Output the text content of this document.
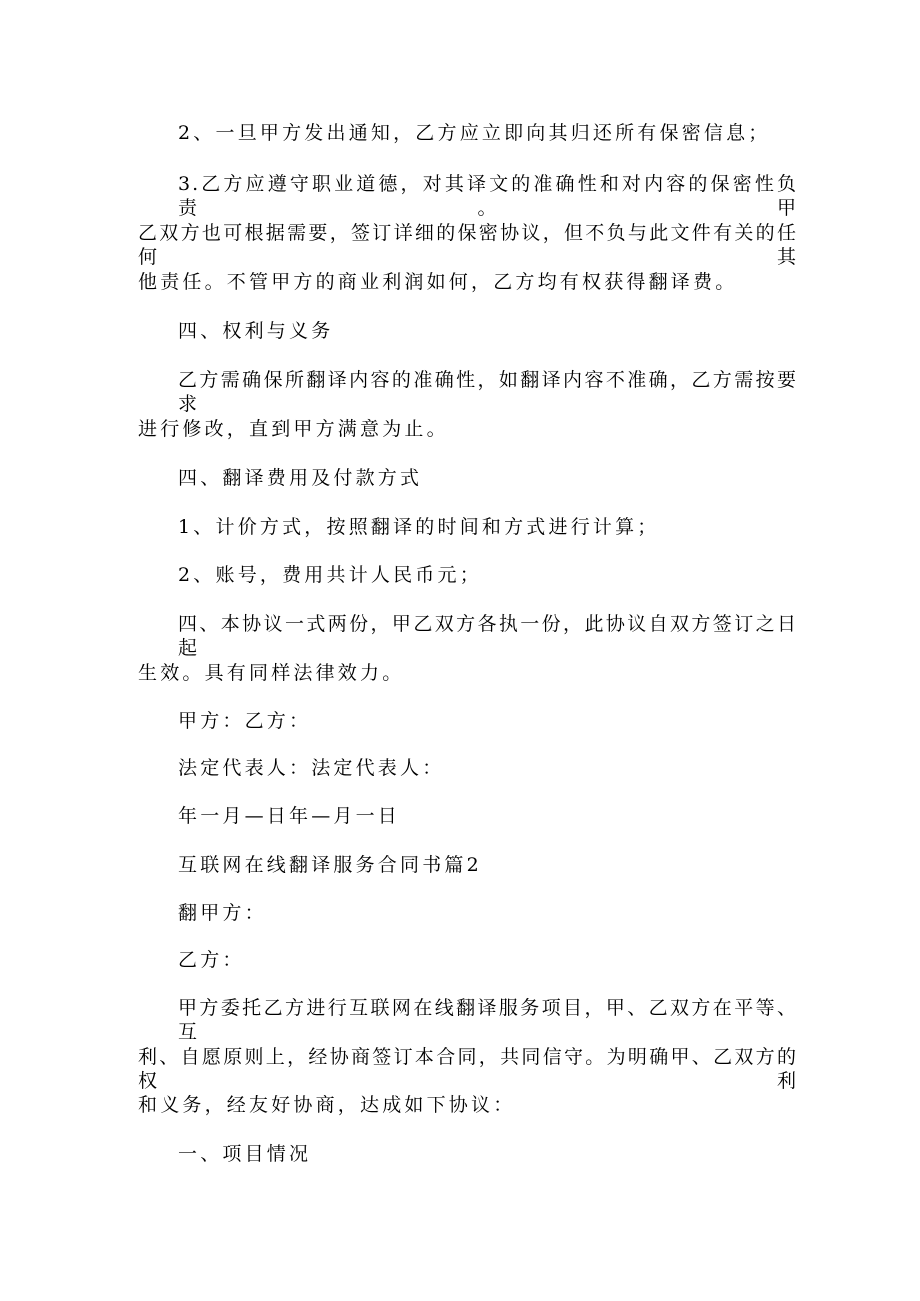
2、一旦甲方发出通知，乙方应立即向其归还所有保密信息；
3.乙方应遵守职业道德，对其译文的准确性和对内容的保密性负责。甲
乙双方也可根据需要，签订详细的保密协议，但不负与此文件有关的任何其
他责任。不管甲方的商业利润如何，乙方均有权获得翻译费。
四、权利与义务
乙方需确保所翻译内容的准确性，如翻译内容不准确，乙方需按要求
进行修改，直到甲方满意为止。
四、翻译费用及付款方式
1、计价方式，按照翻译的时间和方式进行计算；
2、账号，费用共计人民币元；
四、本协议一式两份，甲乙双方各执一份，此协议自双方签订之日起
生效。具有同样法律效力。
甲方：乙方：
法定代表人：法定代表人：
年一月—日年—月一日
互联网在线翻译服务合同书篇2
翻甲方：
乙方：
甲方委托乙方进行互联网在线翻译服务项目，甲、乙双方在平等、互
利、自愿原则上，经协商签订本合同，共同信守。为明确甲、乙双方的权利
和义务，经友好协商，达成如下协议：
一、项目情况
